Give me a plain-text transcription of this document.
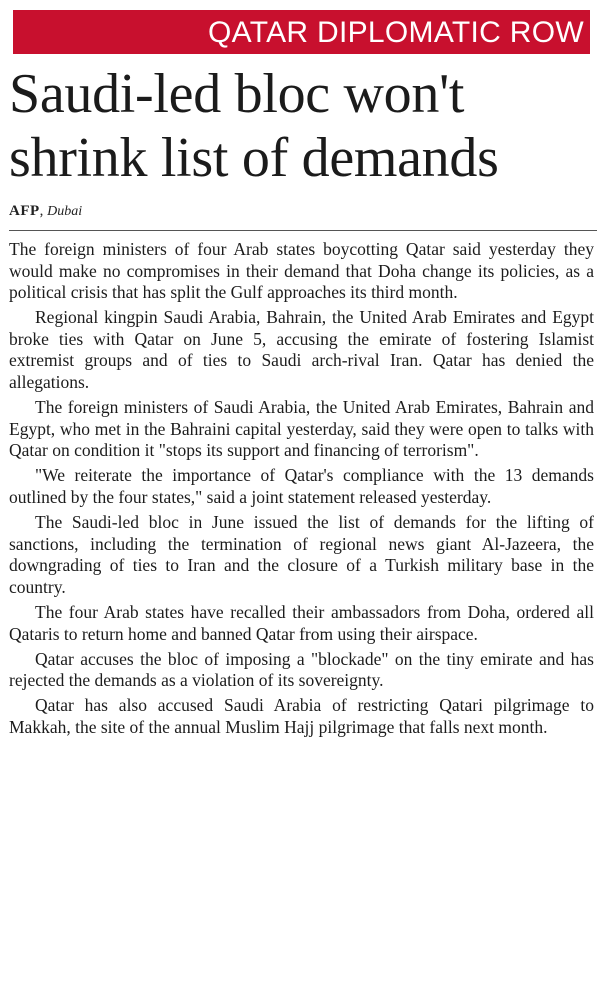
QATAR DIPLOMATIC ROW
Saudi-led bloc won't shrink list of demands
AFP, Dubai

The foreign ministers of four Arab states boycotting Qatar said yesterday they would make no compromises in their demand that Doha change its policies, as a political crisis that has split the Gulf approaches its third month.

Regional kingpin Saudi Arabia, Bahrain, the United Arab Emirates and Egypt broke ties with Qatar on June 5, accusing the emirate of fostering Islamist extremist groups and of ties to Saudi arch-rival Iran. Qatar has denied the allegations.

The foreign ministers of Saudi Arabia, the United Arab Emirates, Bahrain and Egypt, who met in the Bahraini capital yesterday, said they were open to talks with Qatar on condition it "stops its support and financing of terrorism".

"We reiterate the importance of Qatar's compliance with the 13 demands outlined by the four states," said a joint statement released yesterday.

The Saudi-led bloc in June issued the list of demands for the lifting of sanctions, including the termination of regional news giant Al-Jazeera, the downgrading of ties to Iran and the closure of a Turkish military base in the country.

The four Arab states have recalled their ambassadors from Doha, ordered all Qataris to return home and banned Qatar from using their airspace.

Qatar accuses the bloc of imposing a "blockade" on the tiny emirate and has rejected the demands as a violation of its sovereignty.

Qatar has also accused Saudi Arabia of restricting Qatari pilgrimage to Makkah, the site of the annual Muslim Hajj pilgrimage that falls next month.
